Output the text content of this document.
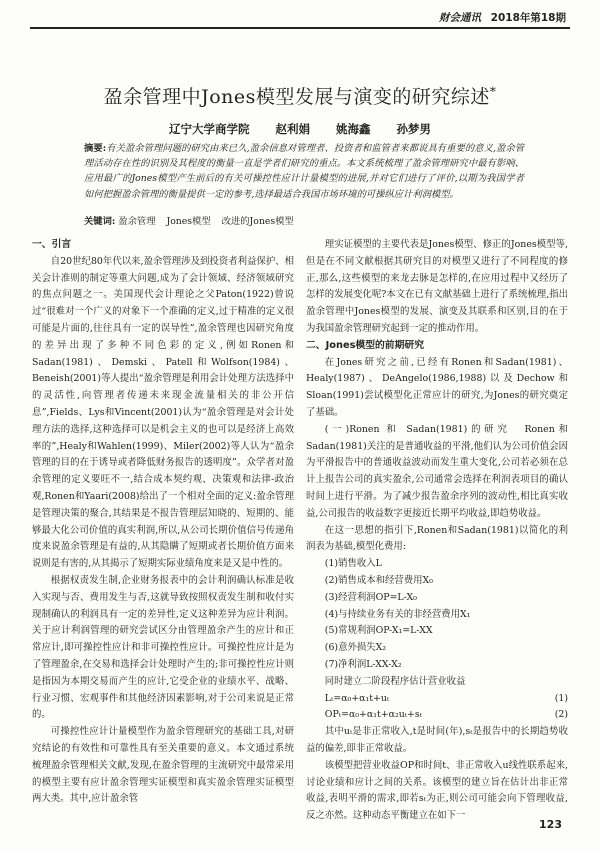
财会通讯 2018年第18期
盈余管理中Jones模型发展与演变的研究综述*
辽宁大学商学院 赵利娟 姚海鑫 孙梦男
摘要:有关盈余管理问题的研究由来已久,盈余信息对管理者、投资者和监管者来都说具有重要的意义,盈余管理活动存在性的识别及其程度的衡量一直是学者们研究的重点。本文系统梳理了盈余管理研究中最有影响、应用最广的Jones模型产生前后的有关可操控性应计计量模型的进展,并对它们进行了评价,以期为我国学者如何把握盈余管理的衡量提供一定的参考,选择最适合我国市场环境的可操纵应计利润模型。
关键词: 盈余管理 Jones模型 改进的Jones模型
一、引言

自20世纪80年代以来,盈余管理涉及到投资者利益保护、相关会计准则的制定等重大问题,成为了会计领域、经济领域研究的焦点问题之一。美国现代会计理论之父Paton(1922)曾说过“很难对一个广义的对象下一个准确的定义,过于精准的定义很可能是片面的,往往具有一定的误导性”,盈余管理也因研究角度的差异出现了多种不同色彩的定义,例如Ronen和Sadan(1981)、Demski、Patell和Wolfson(1984)、Beneish(2001)等人提出“盈余管理是利用会计处理方法选择中的灵活性,向管理者传递未来现金流量相关的非公开信息”,Fields、Lys和Vincent(2001)认为“盈余管理是对会计处理方法的选择,这种选择可以是机会主义的也可以是经济上高效率的”,Healy和Wahlen(1999)、Miler(2002)等人认为“盈余管理的目的在于诱导或者降低财务报告的透明度”。众学者对盈余管理的定义要旺不一,结合成本契约观、决策观和法律-政治观,Ronen和Yaari(2008)给出了一个相对全面的定义:盈余管理是管理决策的聚合,其结果是不报告管理层知晓的、短期的、能够最大化公司价值的真实利润,所以,从公司长期价值信号传递角度来说盈余管理是有益的,从其隐瞒了短期或者长期价值方面来说则是有害的,从其揭示了短期实际业绩角度来是又是中性的。

根据权责发生制,企业财务报表中的会计利润确认标准是收入实现与否、费用发生与否,这就导致按照权责发生制和收付实现制确认的利润具有一定的差异性,定义这种差异为应计利润。关于应计利润管理的研究尝试区分由管理盈余产生的应计和正常应计,即可操控性应计和非可操控性应计。可操控性应计是为了管理盈余,在交易和选择会计处理时产生的;非可操控性应计则是指因为本期交易而产生的应计,它受企业的业绩水平、战略、行业习惯、宏观事件和其他经济因素影响,对于公司来说是正常的。

可操控性应计计量模型作为盈余管理研究的基础工具,对研究结论的有效性和可靠性具有至关重要的意义。本文通过系统梳理盈余管理相关文献,发现,在盈余管理的主流研究中最常采用的模型主要有应计盈余管理实证模型和真实盈余管理实证模型两大类。其中,应计盈余管

理实证模型的主要代表是Jones模型、修正的Jones模型等,但是在不同文献根据其研究目的对模型又进行了不同程度的修正,那么,这些模型的来龙去脉是怎样的,在应用过程中又经历了怎样的发展变化呢?本文在已有文献基础上进行了系统梳理,指出盈余管理中Jones模型的发展、演变及其联系和区别,目的在于为我国盈余管理研究起到一定的推动作用。

二、Jones模型的前期研究

在Jones研究之前,已经有Ronen和Sadan(1981)、Healy(1987)、DeAngelo(1986,1988)以及Dechow和Sloan(1991)尝试模型化正常应计的研究,为Jones的研究奠定了基础。

(一)Ronen 和 Sadan(1981)的研究 Ronen和Sadan(1981)关注的是普通收益的平滑,他们认为公司价值会因为平滑报告中的普通收益波动而发生重大变化,公司若必须在总计上报告公司的真实盈余,公司通常会选择在利润表项目的确认时间上进行平滑。为了减少报告盈余序列的波动性,相比真实收益,公司报告的收益数字更接近长期平均收益,即趋势收益。

在这一思想的指引下,Ronen和Sadan(1981)以简化的利润表为基础,模型化费用:

(1)销售收入L
(2)销售成本和经营费用X₀
(3)经营利润OP=L-X₀
(4)与持续业务有关的非经营费用X₁
(5)常规利润OP-X₁=L-XX
(6)意外损失X₂
(7)净利润L-XX-X₂

同时建立二阶段程序估计营业收益

Lₜ=α₀+α₁t+uₜ	(1)
OPₜ=α₀+α₁t+α₂uₜ+sₜ	(2)

其中uₜ是非正常收入,t是时间(年),sₜ是报告中的长期趋势收益的偏差,即非正常收益。

该模型把营业收益OP和时间t、非正常收入u线性联系起来,讨论业绩和应计之间的关系。该模型的建立旨在估计出非正常收益,表明平滑的需求,即若sₜ为正,则公司可能会向下管理收益,反之亦然。这种动态平衡建立在如下一

123
